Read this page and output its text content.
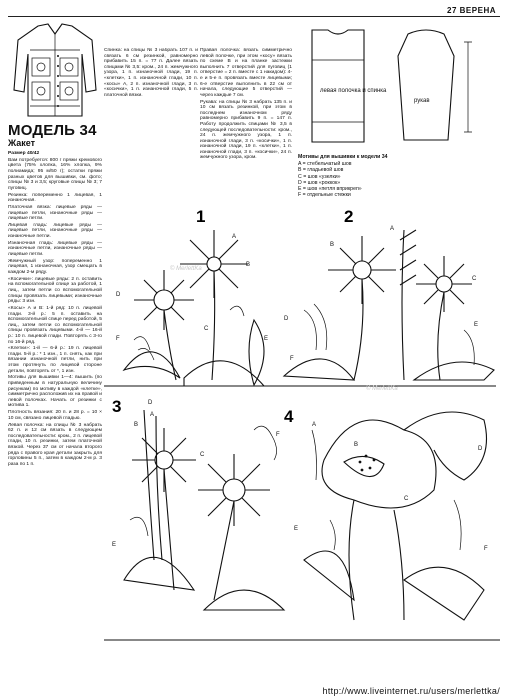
27 ВЕРЕНА
МОДЕЛЬ 34
Жакет

Размер 40/42

Вам потребуется: 800 г пряжи кремового цвета (75% хлопка, 16% хлопка, 9% полиамида; 95 м/50 г); остатки пряжи разных цветов для вышивки, см. фото; спицы № 3 и 3,5; круговые спицы № 3; 7 пуговиц.

Резинка: попеременно 1 лицевая, 1 изнаночная.

Платочная вязка: лицевые ряды — лицевые петли, изнаночные ряды — лицевые петли.

Лицевая гладь: лицевые ряды — лицевые петли, изнаночные ряды — изнаночные петли.

Изнаночная гладь: лицевые ряды — изнаночные петли, изнаночные ряды — лицевые петли.

Жемчужный узор: попеременно 1 лицевая, 1 изнаночная, узор смещать в каждом 2-м ряду.

«Косички»: лицевые ряды: 2 п. оставить на вспомогательной спице за работой, 1 лиц., затем петли со вспомогательной спицы провязать лицевыми; изнаночные ряды: 3 изн.

«Косы» А и В: 1-й ряд: 10 п. лицевой глади. 3-й р.: 5 п. оставить на вспомогательной спице перед работой, 5 лиц., затем петли со вспомогательной спицы провязать лицевыми. 4-й — 16-й р.: 10 п. лицевой глади. Повторять с 3-го по 16-й ряд.

«Клетки»: 1-й — 6-й р.: 19 п. лицевой глади. 5-й р.: * 1 изн., 1 п. снять, как при вязании изнаночной петли, нить при этом протянуть по лицевой стороне детали, повторять от *, 1 изн.

Мотивы для вышивки 1—4: вышить (по приведенным в натуральную величину рисункам) по мотиву в каждой «клетке», симметрично расположив их на правой и левой полочках. Начать от резинки с мотива 1.

Плотность вязания: 20 п. и 28 р. = 10 × 10 см, связано лицевой гладью.

Левая полочка: на спицы № 3 набрать 62 п. и 12 см вязать в следующем последовательности: кром., 2 п. лицевой глади, 10 п. резинки, затем платочной вязкой. Через 37 см от начала второго ряда с правого края детали закрыть для горловины 5 п., затем в каждом 2-м р. 3 раза по 1 п.

Спинка: на спицы № 3 набрать 107 п. и связать 6 см резинкой, равномерно прибавить 15 п. = 77 п. Далее вязать спицами № 3,5: кром., 24 п. жемчужного узора, 1 п. изнаночной глади, 19 п. «клетки», 1 п. изнаночной глади, 10 п. «косы» А, 2 п. изнаночной глади, 3 п. «косички», 1 п. изнаночной глади, 5 п. платочной вязки.

Правая полочка: вязать симметрично левой полочке, при этом «косу» вязать по схеме В и на планке застежки выполнить 7 отверстий для пуговиц (1 отверстие = 2 п. вместе с 1 накидом): 4-е и 5-е п. провязать вместе лицевыми; 6-е отверстие выполнить в 22 см от начала, следующие 5 отверстий — через каждые 7 см.

Рукава: на спицы № 3 набрать 135 п. и 10 см вязать резинкой, при этом в последнем изнаночном ряду равномерно прибавить 9 п. = 147 п. Работу продолжить спицами № 3,5 в следующей последовательности: кром., 24 п. жемчужного узора, 1 п. изнаночной глади, 3 п. «косички», 1 п. изнаночной глади, 19 п. «клетки», 1 п. изнаночной глади, 3 п. «косички», 24 п. жемчужного узора, кром.

левая полочка и спинка
рукав
Мотивы для вышивки к модели 34
A = стебельчатый шов
B = гладьевой шов
C = шов «узелки»
D = шов «роккок»
E = шов «петля вприкреп»
F = отдельные стежки
1
A
B
D
F	E
C
© MerlettKa
2
A
B
C
D
E
F
© MerlettKa
3	A
B
C
D
E
F
4	A
B
C
D
E
F
http://www.liveinternet.ru/users/merlettka/
